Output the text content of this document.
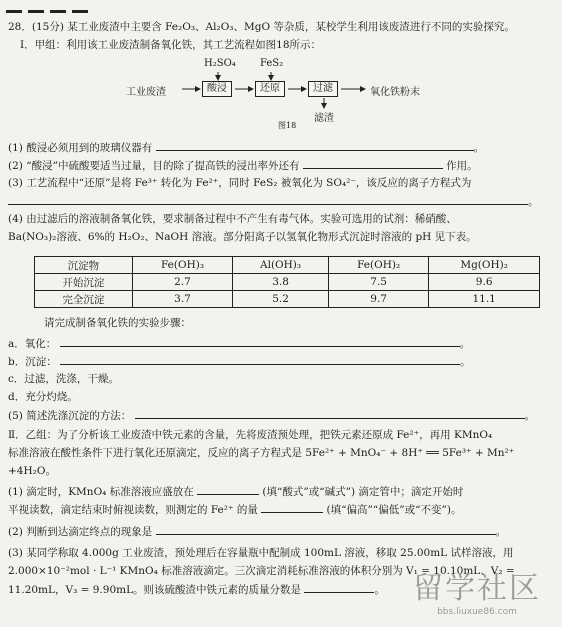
28．(15分) 某工业废渣中主要含 Fe₂O₃、Al₂O₃、MgO 等杂质，某校学生利用该废渣进行不同的实验探究。
Ⅰ．甲组：利用该工业废渣制备氧化铁，其工艺流程如图18所示：
H₂SO₄ FeS₂
工业废渣	酸浸	还原	过滤	氧化铁粉末
滤渣
图18
(1) 酸浸必须用到的玻璃仪器有	。
(2) “酸浸”中硫酸要适当过量，目的除了提高铁的浸出率外还有	作用。
(3) 工艺流程中“还原”是将 Fe³⁺ 转化为 Fe²⁺，同时 FeS₂ 被氧化为 SO₄²⁻，该反应的离子方程式为
。
(4) 由过滤后的溶液制备氧化铁，要求制备过程中不产生有毒气体。实验可选用的试剂：稀硝酸、
Ba(NO₃)₂溶液、6%的 H₂O₂、NaOH 溶液。部分阳离子以氢氧化物形式沉淀时溶液的 pH 见下表。
沉淀物	Fe(OH)₃	Al(OH)₃	Fe(OH)₂	Mg(OH)₂
开始沉淀	2.7	3.8	7.5	9.6
完全沉淀	3.7	5.2	9.7	11.1
请完成制备氧化铁的实验步骤：
a．氧化：	。
b．沉淀：	。
c．过滤，洗涤，干燥。
d．充分灼烧。
(5) 简述洗涤沉淀的方法：	。
Ⅱ．乙组：为了分析该工业废渣中铁元素的含量，先将废渣预处理，把铁元素还原成 Fe²⁺，再用 KMnO₄
标准溶液在酸性条件下进行氧化还原滴定，反应的离子方程式是 5Fe²⁺ + MnO₄⁻ + 8H⁺ ══ 5Fe³⁺ + Mn²⁺
+4H₂O。
(1) 滴定时，KMnO₄ 标准溶液应盛放在	(填“酸式”或“碱式”) 滴定管中；滴定开始时
平视读数，滴定结束时俯视读数，则测定的 Fe²⁺ 的量	(填“偏高”“偏低”或“不变”)。
(2) 判断到达滴定终点的现象是	。
(3) 某同学称取 4.000g 工业废渣，预处理后在容量瓶中配制成 100mL 溶液，移取 25.00mL 试样溶液，用
2.000×10⁻²mol · L⁻¹ KMnO₄ 标准溶液滴定。三次滴定消耗标准溶液的体积分别为 V₁ = 10.10mL、V₂ =
11.20mL，V₃ = 9.90mL。则该硫酸渣中铁元素的质量分数是	。 留学社区
bbs.liuxue86.com
